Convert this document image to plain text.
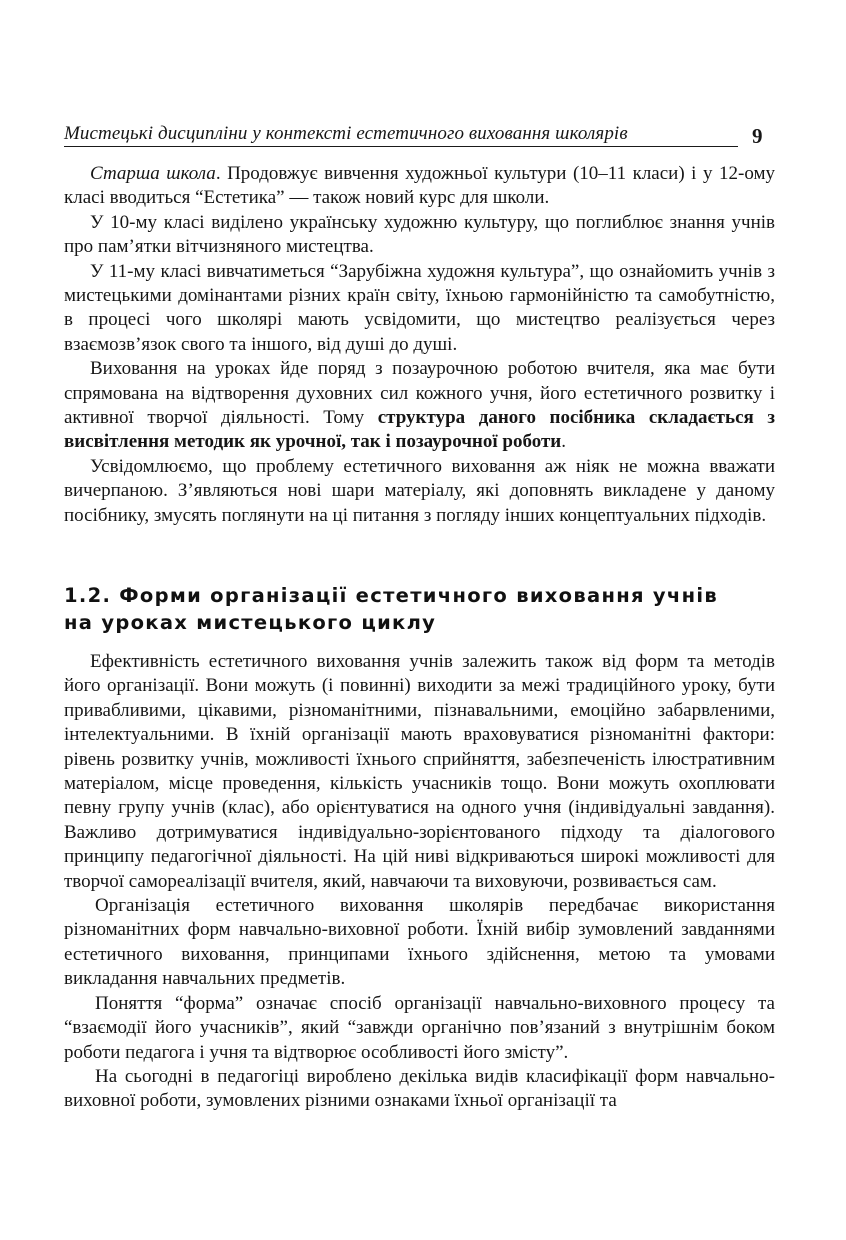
Мистецькі дисципліни у контексті естетичного виховання школярів	9

Старша школа. Продовжує вивчення художньої культури (10–11 класи) і у 12-ому класі вводиться “Естетика” — також новий курс для школи.

У 10-му класі виділено українську художню культуру, що поглиблює знання учнів про пам’ятки вітчизняного мистецтва.

У 11-му класі вивчатиметься “Зарубіжна художня культура”, що ознайомить учнів з мистецькими домінантами різних країн світу, їхньою гармонійністю та самобутністю, в процесі чого школярі мають усвідомити, що мистецтво реалізується через взаємозв’язок свого та іншого, від душі до душі.

Виховання на уроках йде поряд з позаурочною роботою вчителя, яка має бути спрямована на відтворення духовних сил кожного учня, його естетичного розвитку і активної творчої діяльності. Тому структура даного посібника складається з висвітлення методик як урочної, так і позаурочної роботи.

Усвідомлюємо, що проблему естетичного виховання аж ніяк не можна вважати вичерпаною. З’являються нові шари матеріалу, які доповнять викладене у даному посібнику, змусять поглянути на ці питання з погляду інших концептуальних підходів.

1.2. Форми організації естетичного виховання учнів
на уроках мистецького циклу

Ефективність естетичного виховання учнів залежить також від форм та методів його організації. Вони можуть (і повинні) виходити за межі традиційного уроку, бути привабливими, цікавими, різноманітними, пізнавальними, емоційно забарвленими, інтелектуальними. В їхній організації мають враховуватися різноманітні фактори: рівень розвитку учнів, можливості їхнього сприйняття, забезпеченість ілюстративним матеріалом, місце проведення, кількість учасників тощо. Вони можуть охоплювати певну групу учнів (клас), або орієнтуватися на одного учня (індивідуальні завдання). Важливо дотримуватися індивідуально-зорієнтованого підходу та діалогового принципу педагогічної діяльності. На цій ниві відкриваються широкі можливості для творчої самореалізації вчителя, який, навчаючи та виховуючи, розвивається сам.

Організація естетичного виховання школярів передбачає використання різноманітних форм навчально-виховної роботи. Їхній вибір зумовлений завданнями естетичного виховання, принципами їхнього здійснення, метою та умовами викладання навчальних предметів.

Поняття “форма” означає спосіб організації навчально-виховного процесу та “взаємодії його учасників”, який “завжди органічно пов’язаний з внутрішнім боком роботи педагога і учня та відтворює особливості його змісту”.

На сьогодні в педагогіці вироблено декілька видів класифікації форм навчально-виховної роботи, зумовлених різними ознаками їхньої організації та
